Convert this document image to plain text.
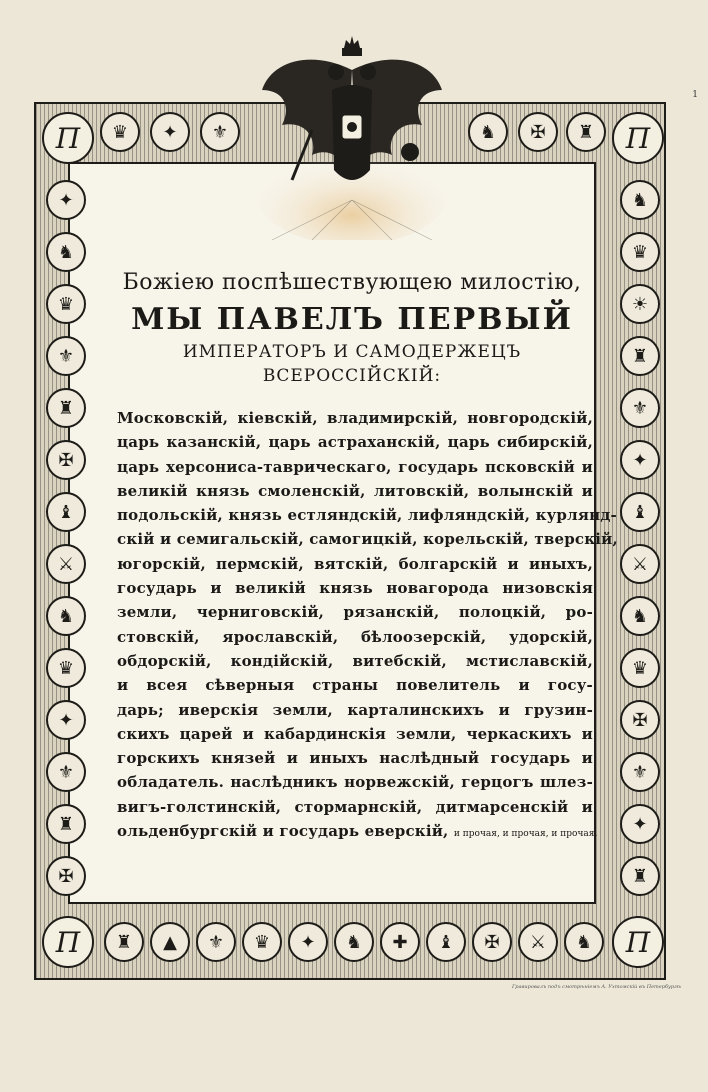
1
П	П
П	П
✦
♞
♛
⚜
♜
✠
♝
⚔
♞
♛
✦
⚜
♜
✠
♞
♛
☀
♜
⚜
✦
♝
⚔
♞
♛
✠
⚜
✦
♜
♛	✦	⚜	♞	✠	♜
♜	▲	⚜	♛	✦	♞	✚	♝	✠	⚔	♞
Божіею поспѣшествующею милостію,
МЫ ПАВЕЛЪ ПЕРВЫЙ
ИМПЕРАТОРЪ И САМОДЕРЖЕЦЪ
ВСЕРОССІЙСКІЙ:
Московскій, кіевскій, владимирскій, новгородскій,
царь казанскій, царь астраханскій, царь сибирскій,
царь херсониса-таврическаго, государь псковскій и
великій князь смоленскій, литовскій, волынскій и
подольскій, князь естляндскій, лифляндскій, курлянд-
скій и семигальскій, самогицкій, корельскій, тверскій,
югорскій, пермскій, вятскій, болгарскій и иныхъ,
государь и великій князь новагорода низовскія
земли, черниговскій, рязанскій, полоцкій, ро-
стовскій, ярославскій, бѣлоозерскій, удорскій,
обдорскій, кондійскій, витебскій, мстиславскій,
и всея сѣверныя страны повелитель и госу-
дарь; иверскія земли, карталинскихъ и грузин-
скихъ царей и кабардинскія земли, черкаскихъ и
горскихъ князей и иныхъ наслѣдный государь и
обладатель. наслѣдникъ норвежскій, герцогъ шлез-
вигъ-голстинскій, стормарнскій, дитмарсенскій и
ольденбургскій и государь еверскій, и прочая, и прочая, и прочая.
Гравировалъ подъ смотрѣніемъ А. Ухтомскій въ Петербургѣ
